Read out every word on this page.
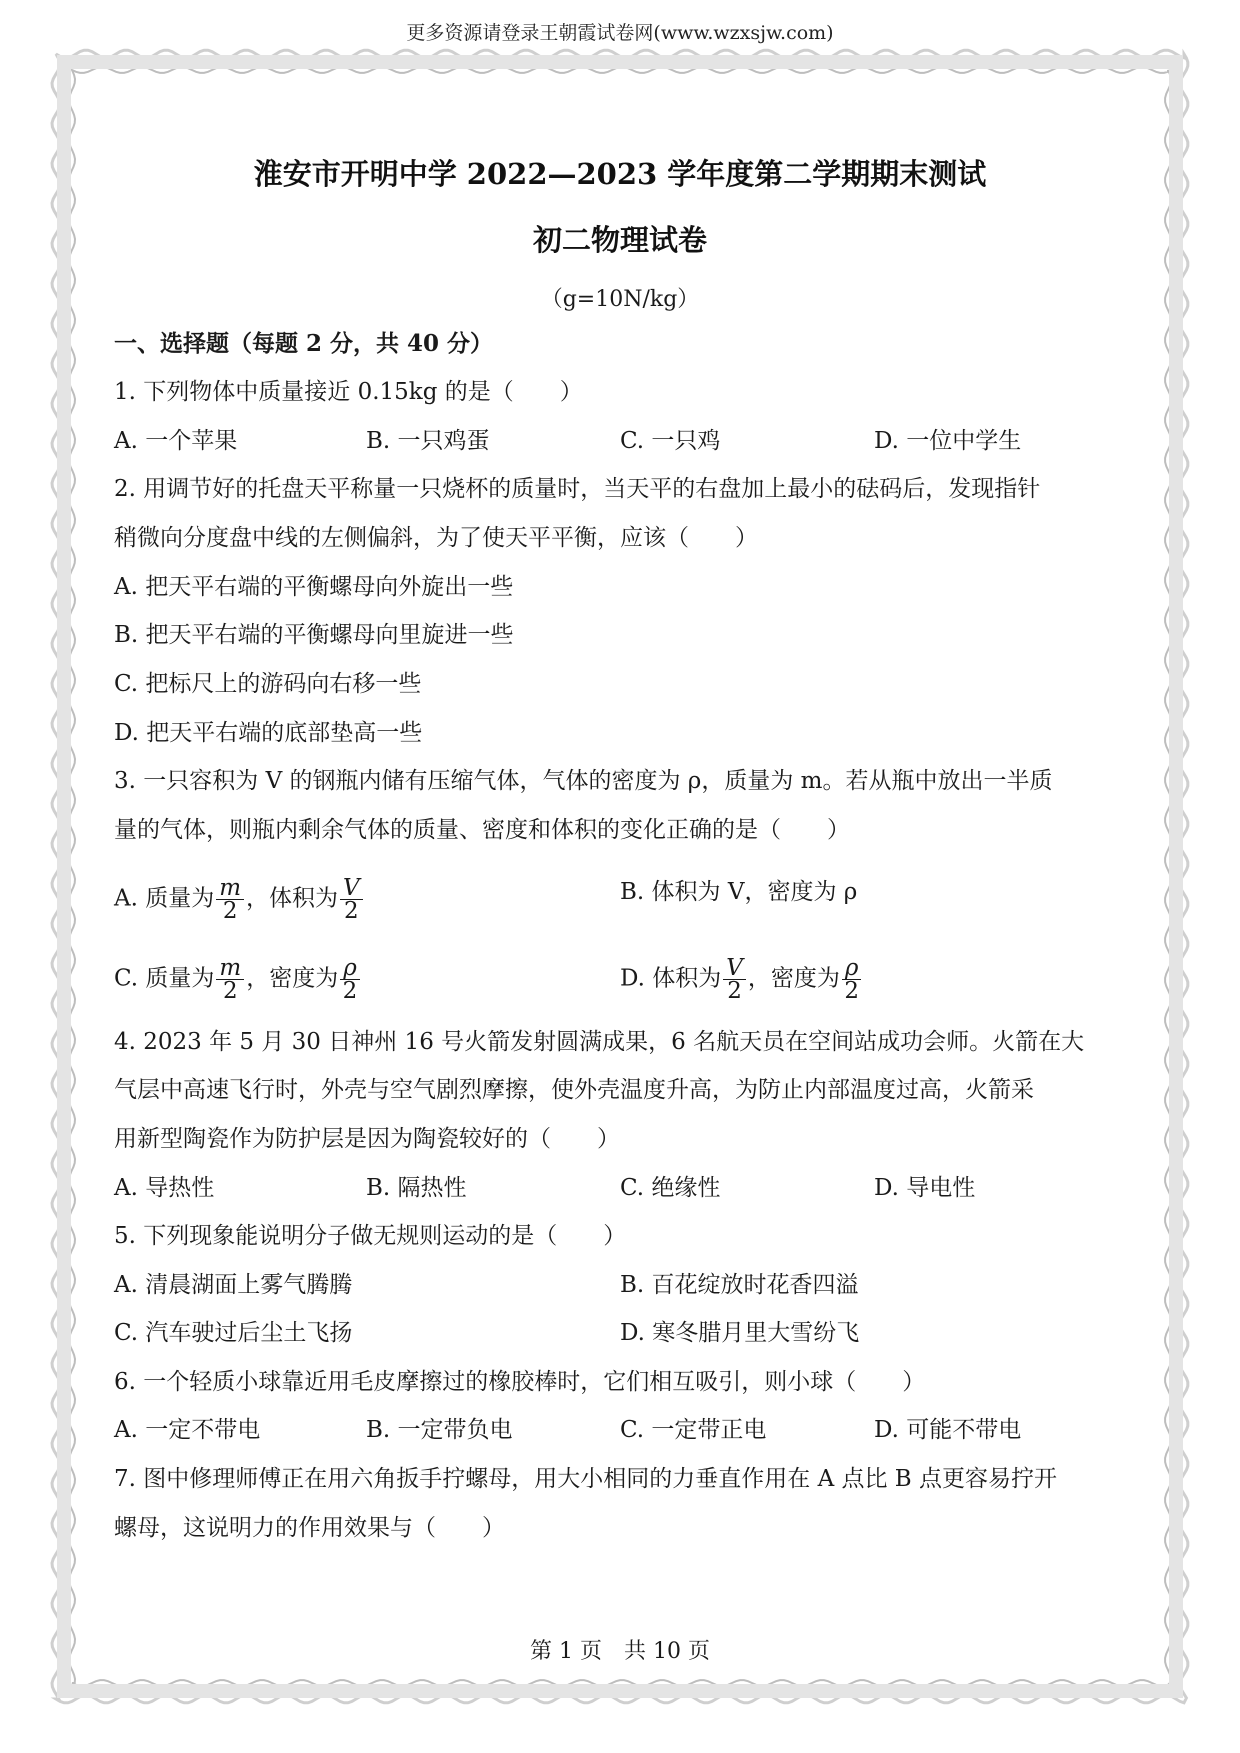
更多资源请登录王朝霞试卷网(www.wzxsjw.com)
淮安市开明中学 2022—2023 学年度第二学期期末测试
初二物理试卷
（g=10N/kg）
一、选择题（每题 2 分，共 40 分）
1. 下列物体中质量接近 0.15kg 的是（　　）
A. 一个苹果	B. 一只鸡蛋	C. 一只鸡	D. 一位中学生
2. 用调节好的托盘天平称量一只烧杯的质量时，当天平的右盘加上最小的砝码后，发现指针
稍微向分度盘中线的左侧偏斜，为了使天平平衡，应该（　　）
A. 把天平右端的平衡螺母向外旋出一些
B. 把天平右端的平衡螺母向里旋进一些
C. 把标尺上的游码向右移一些
D. 把天平右端的底部垫高一些
3. 一只容积为 V 的钢瓶内储有压缩气体，气体的密度为 ρ，质量为 m。若从瓶中放出一半质
量的气体，则瓶内剩余气体的质量、密度和体积的变化正确的是（　　）
A. 质量为 $\frac{m}{2}$ ，体积为 $\frac{V}{2}$	B. 体积为 V，密度为 ρ
C. 质量为 $\frac{m}{2}$ ，密度为 $\frac{\rho}{2}$	D. 体积为 $\frac{V}{2}$ ，密度为 $\frac{\rho}{2}$
4. 2023 年 5 月 30 日神州 16 号火箭发射圆满成果，6 名航天员在空间站成功会师。火箭在大
气层中高速飞行时，外壳与空气剧烈摩擦，使外壳温度升高，为防止内部温度过高，火箭采
用新型陶瓷作为防护层是因为陶瓷较好的（　　）
A. 导热性	B. 隔热性	C. 绝缘性	D. 导电性
5. 下列现象能说明分子做无规则运动的是（　　）
A. 清晨湖面上雾气腾腾	B. 百花绽放时花香四溢
C. 汽车驶过后尘土飞扬	D. 寒冬腊月里大雪纷飞
6. 一个轻质小球靠近用毛皮摩擦过的橡胶棒时，它们相互吸引，则小球（　　）
A. 一定不带电	B. 一定带负电	C. 一定带正电	D. 可能不带电
7. 图中修理师傅正在用六角扳手拧螺母，用大小相同的力垂直作用在 A 点比 B 点更容易拧开
螺母，这说明力的作用效果与（　　）
第 1 页　共 10 页
